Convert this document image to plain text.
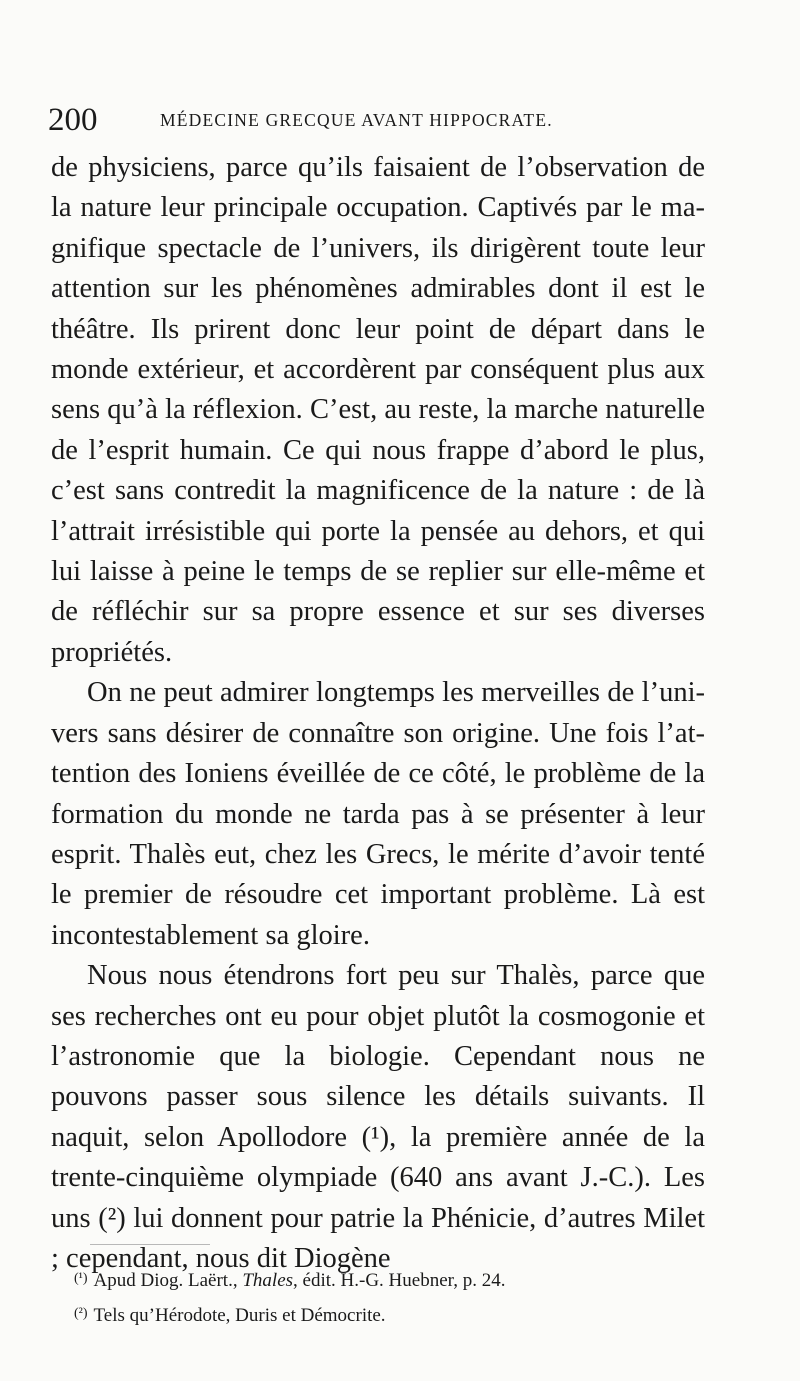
200	MÉDECINE GRECQUE AVANT HIPPOCRATE.

de physiciens, parce qu’ils faisaient de l’observation de la nature leur principale occupation. Captivés par le magnifique spectacle de l’univers, ils dirigèrent toute leur attention sur les phénomènes admirables dont il est le théâtre. Ils prirent donc leur point de départ dans le monde extérieur, et accordèrent par conséquent plus aux sens qu’à la réflexion. C’est, au reste, la marche naturelle de l’esprit humain. Ce qui nous frappe d’abord le plus, c’est sans contredit la magnificence de la nature : de là l’attrait irrésistible qui porte la pensée au dehors, et qui lui laisse à peine le temps de se replier sur elle-même et de réfléchir sur sa propre essence et sur ses diverses propriétés.

On ne peut admirer longtemps les merveilles de l’univers sans désirer de connaître son origine. Une fois l’attention des Ioniens éveillée de ce côté, le problème de la formation du monde ne tarda pas à se présenter à leur esprit. Thalès eut, chez les Grecs, le mérite d’avoir tenté le premier de résoudre cet important problème. Là est incontestablement sa gloire.

Nous nous étendrons fort peu sur Thalès, parce que ses recherches ont eu pour objet plutôt la cosmogonie et l’astronomie que la biologie. Cependant nous ne pouvons passer sous silence les détails suivants. Il naquit, selon Apollodore (¹), la première année de la trente-cinquième olympiade (640 ans avant J.-C.). Les uns (²) lui donnent pour patrie la Phénicie, d’autres Milet ; cependant, nous dit Diogène

$^{(^1)}$ Apud Diog. Laërt., Thales, édit. H.-G. Huebner, p. 24.

$^{(^2)}$ Tels qu’Hérodote, Duris et Démocrite.
